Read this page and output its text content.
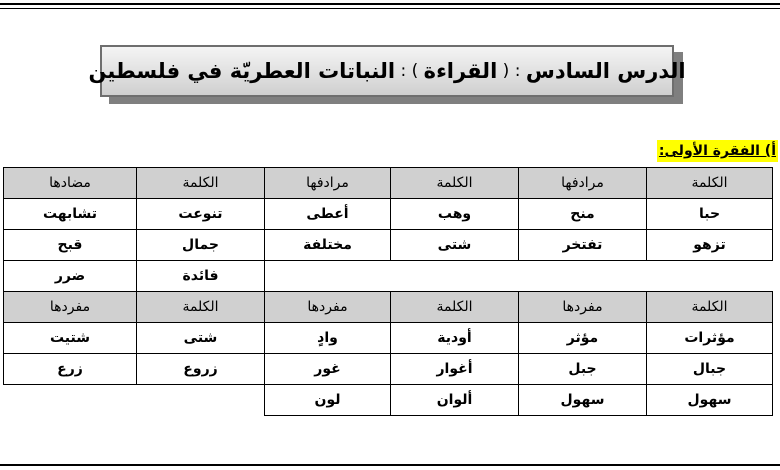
الدرس السادس
:
(
القراءة
)
:
النباتات العطريّة في فلسطين
أ) الفقرة الأولى:
الكلمة	مرادفها	الكلمة	مرادفها	الكلمة	مضادها
حبا	منح	وهب	أعطى	تنوعت	تشابهت
تزهو	تفتخر	شتى	مختلفة	جمال	قبح
				فائدة	ضرر
الكلمة	مفردها	الكلمة	مفردها	الكلمة	مفردها
مؤثرات	مؤثر	أودية	وادٍ	شتى	شتيت
جبال	جبل	أغوار	غور	زروع	زرع
سهول	سهول	ألوان	لون		
